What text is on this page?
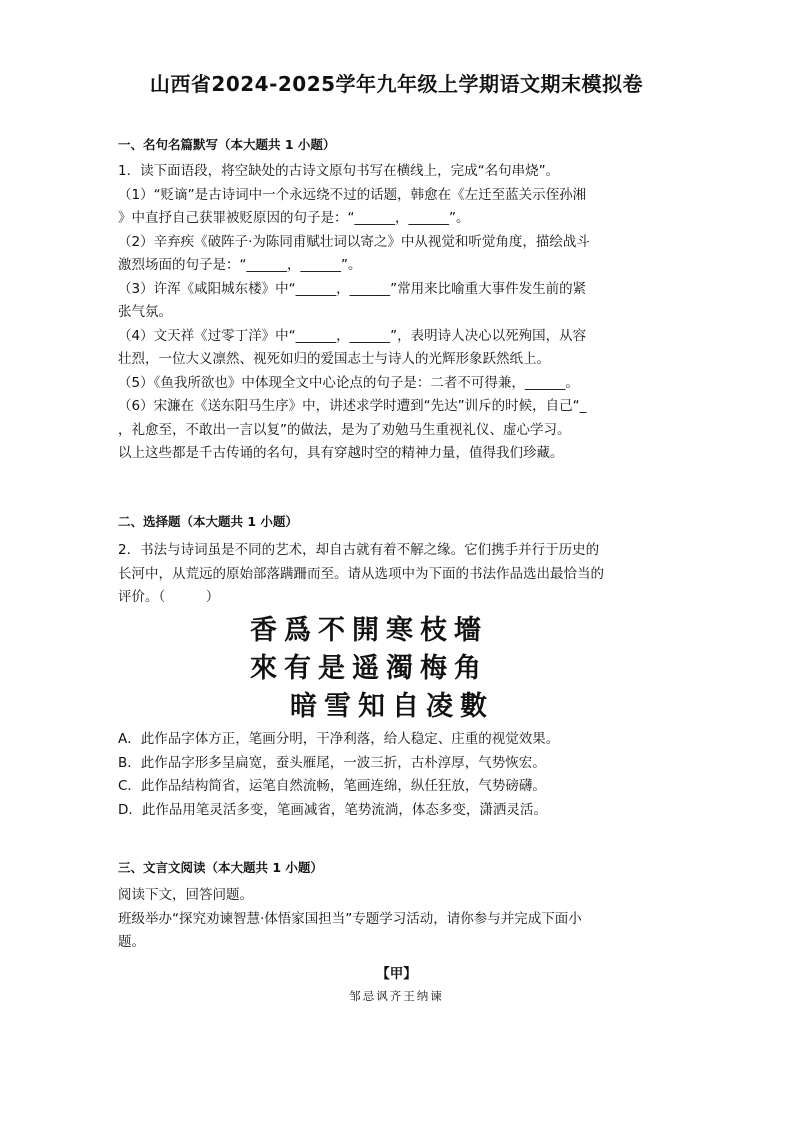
山西省2024-2025学年九年级上学期语文期末模拟卷
一、名句名篇默写（本大题共 1 小题）

1．读下面语段，将空缺处的古诗文原句书写在横线上，完成“名句串烧”。

（1）“贬谪”是古诗词中一个永远绕不过的话题，韩愈在《左迁至蓝关示侄孙湘

》中直抒自己获罪被贬原因的句子是：“______，______”。

（2）辛弃疾《破阵子·为陈同甫赋壮词以寄之》中从视觉和听觉角度，描绘战斗

激烈场面的句子是：“______，______”。

（3）许浑《咸阳城东楼》中“______，______”常用来比喻重大事件发生前的紧

张气氛。

（4）文天祥《过零丁洋》中“______，______”，表明诗人决心以死殉国，从容

壮烈，一位大义凛然、视死如归的爱国志士与诗人的光辉形象跃然纸上。

（5）《鱼我所欲也》中体现全文中心论点的句子是：二者不可得兼，______。

（6）宋濂在《送东阳马生序》中，讲述求学时遭到“先达”训斥的时候，自己“_

，礼愈至，不敢出一言以复”的做法，是为了劝勉马生重视礼仪、虚心学习。

以上这些都是千古传诵的名句，具有穿越时空的精神力量，值得我们珍藏。

二、选择题（本大题共 1 小题）

2．书法与诗词虽是不同的艺术，却自古就有着不解之缘。它们携手并行于历史的

长河中，从荒远的原始部落蹒跚而至。请从选项中为下面的书法作品选出最恰当的

评价。（　　　）

香爲不開寒枝墻
來有是遥濁梅角
暗雪知自凌數

A．此作品字体方正，笔画分明，干净利落，给人稳定、庄重的视觉效果。

B．此作品字形多呈扁宽，蚕头雁尾，一波三折，古朴淳厚，气势恢宏。

C．此作品结构简省，运笔自然流畅，笔画连绵，纵任狂放，气势磅礴。

D．此作品用笔灵活多变，笔画减省，笔势流淌，体态多变，潇洒灵活。

三、文言文阅读（本大题共 1 小题）

阅读下文，回答问题。

班级举办“探究劝谏智慧·体悟家国担当”专题学习活动，请你参与并完成下面小

题。

【甲】
邹忌讽齐王纳谏
